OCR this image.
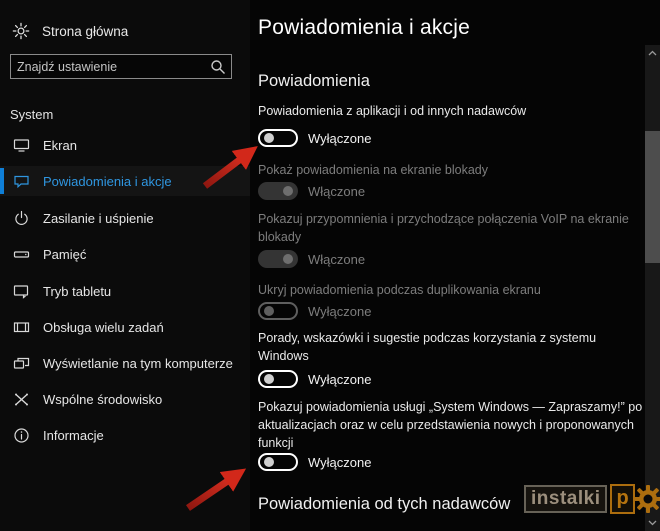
Strona główna
Znajdź ustawienie
System
Ekran
Powiadomienia i akcje
Zasilanie i uśpienie
Pamięć
Tryb tabletu
Obsługa wielu zadań
Wyświetlanie na tym komputerze
Wspólne środowisko
Informacje
Powiadomienia i akcje
Powiadomienia
Powiadomienia z aplikacji i od innych nadawców
Wyłączone
Pokaż powiadomienia na ekranie blokady
Włączone
Pokazuj przypomnienia i przychodzące połączenia VoIP na ekranie blokady
Włączone
Ukryj powiadomienia podczas duplikowania ekranu
Wyłączone
Porady, wskazówki i sugestie podczas korzystania z systemu Windows
Wyłączone
Pokazuj powiadomienia usługi „System Windows — Zapraszamy!” po aktualizacjach oraz w celu przedstawienia nowych i proponowanych funkcji
Wyłączone
Powiadomienia od tych nadawców	instalki p
